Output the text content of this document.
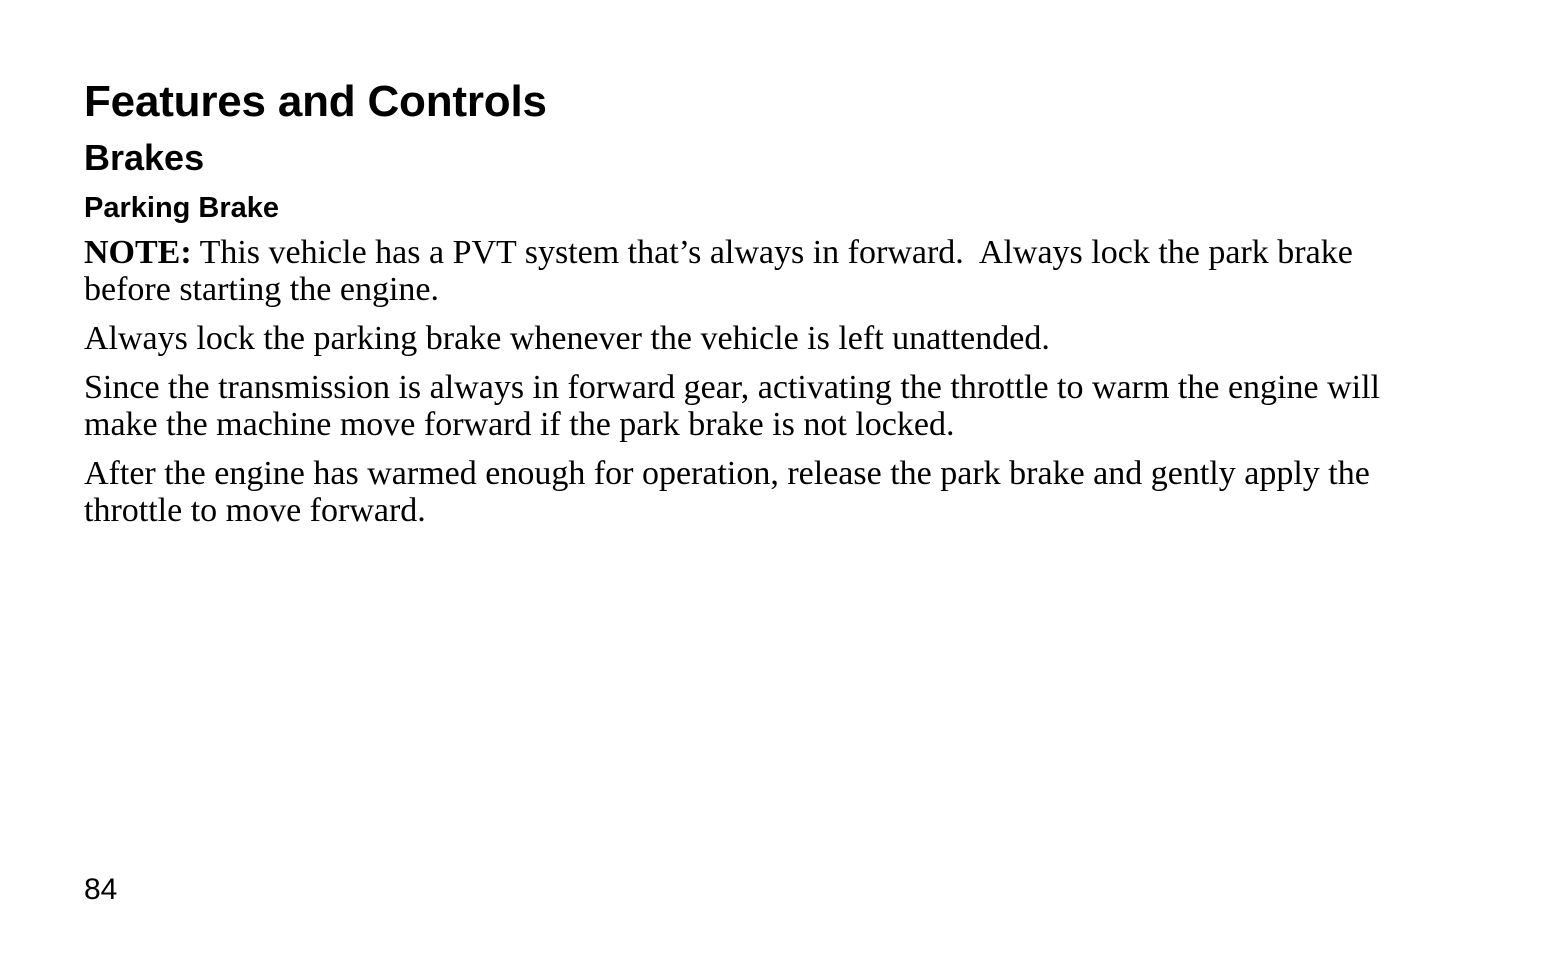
Features and Controls
Brakes
Parking Brake

NOTE: This vehicle has a PVT system that’s always in forward.  Always lock the park brake before starting the engine.

Always lock the parking brake whenever the vehicle is left unattended.

Since the transmission is always in forward gear, activating the throttle to warm the engine will make the machine move forward if the park brake is not locked.

After the engine has warmed enough for operation, release the park brake and gently apply the throttle to move forward.

84
